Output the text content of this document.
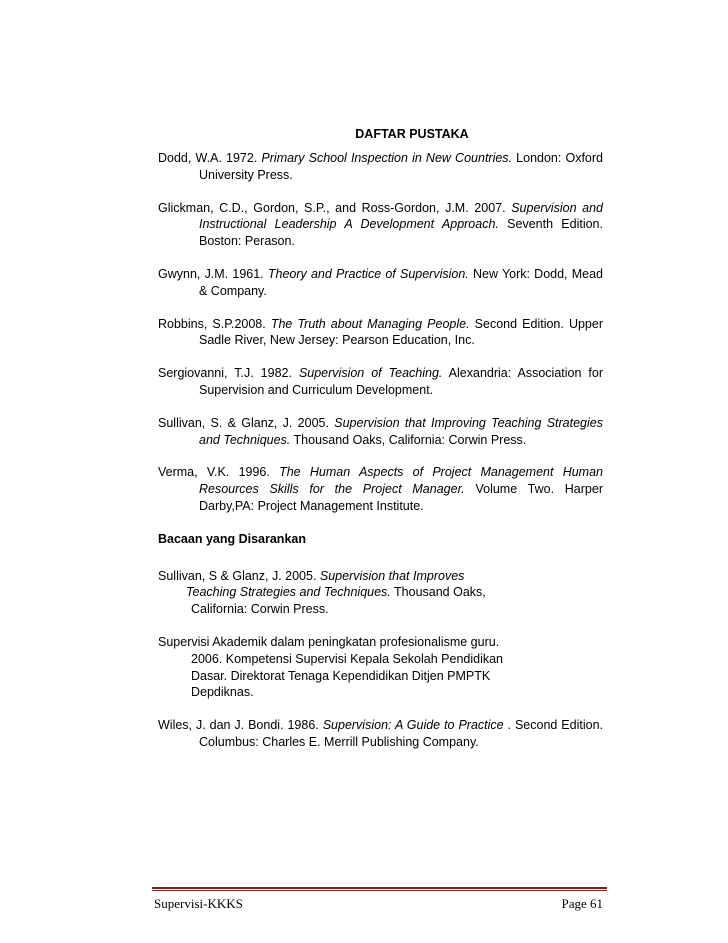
DAFTAR PUSTAKA

Dodd, W.A. 1972. Primary School Inspection in New Countries. London: Oxford University Press.

Glickman, C.D., Gordon, S.P., and Ross-Gordon, J.M. 2007. Supervision and Instructional Leadership A Development Approach. Seventh Edition. Boston: Perason.

Gwynn, J.M. 1961. Theory and Practice of Supervision. New York: Dodd, Mead & Company.

Robbins, S.P.2008. The Truth about Managing People. Second Edition. Upper Sadle River, New Jersey: Pearson Education, Inc.

Sergiovanni, T.J. 1982. Supervision of Teaching. Alexandria: Association for Supervision and Curriculum Development.

Sullivan, S. & Glanz, J. 2005. Supervision that Improving Teaching Strategies and Techniques. Thousand Oaks, California: Corwin Press.

Verma, V.K. 1996. The Human Aspects of Project Management Human Resources Skills for the Project Manager. Volume Two. Harper Darby,PA: Project Management Institute.

Bacaan yang Disarankan
Sullivan, S & Glanz, J. 2005. Supervision that Improves
Teaching Strategies and Techniques. Thousand Oaks,
California: Corwin Press.
Supervisi Akademik dalam peningkatan profesionalisme guru.
2006. Kompetensi Supervisi Kepala Sekolah Pendidikan
Dasar. Direktorat Tenaga Kependidikan Ditjen PMPTK
Depdiknas.

Wiles, J. dan J. Bondi. 1986. Supervision: A Guide to Practice . Second Edition. Columbus: Charles E. Merrill Publishing Company.

Supervisi-KKKS	Page 61
